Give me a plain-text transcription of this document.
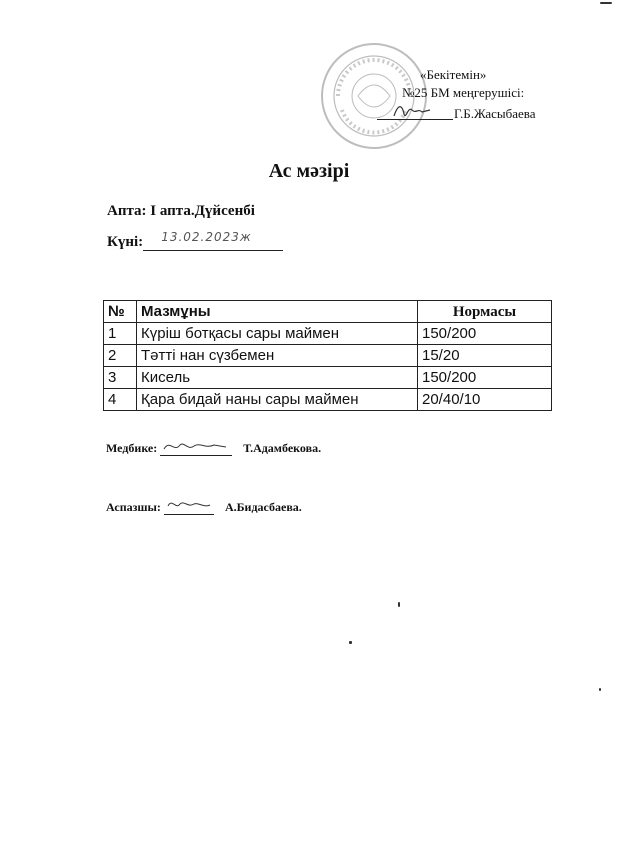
«Бекітемін»
№25 БМ меңгерушісі:
Г.Б.Жасыбаева
Ас мәзірі
Апта: І апта.Дүйсенбі
Күні: 13.02.2023ж
№	Мазмұны	Нормасы
1	Күріш ботқасы сары маймен	150/200
2	Тәтті нан сүзбемен	15/20
3	Кисель	150/200
4	Қара бидай наны сары маймен	20/40/10
Медбике:	Т.Адамбекова.
Аспазшы:	А.Бидасбаева.
